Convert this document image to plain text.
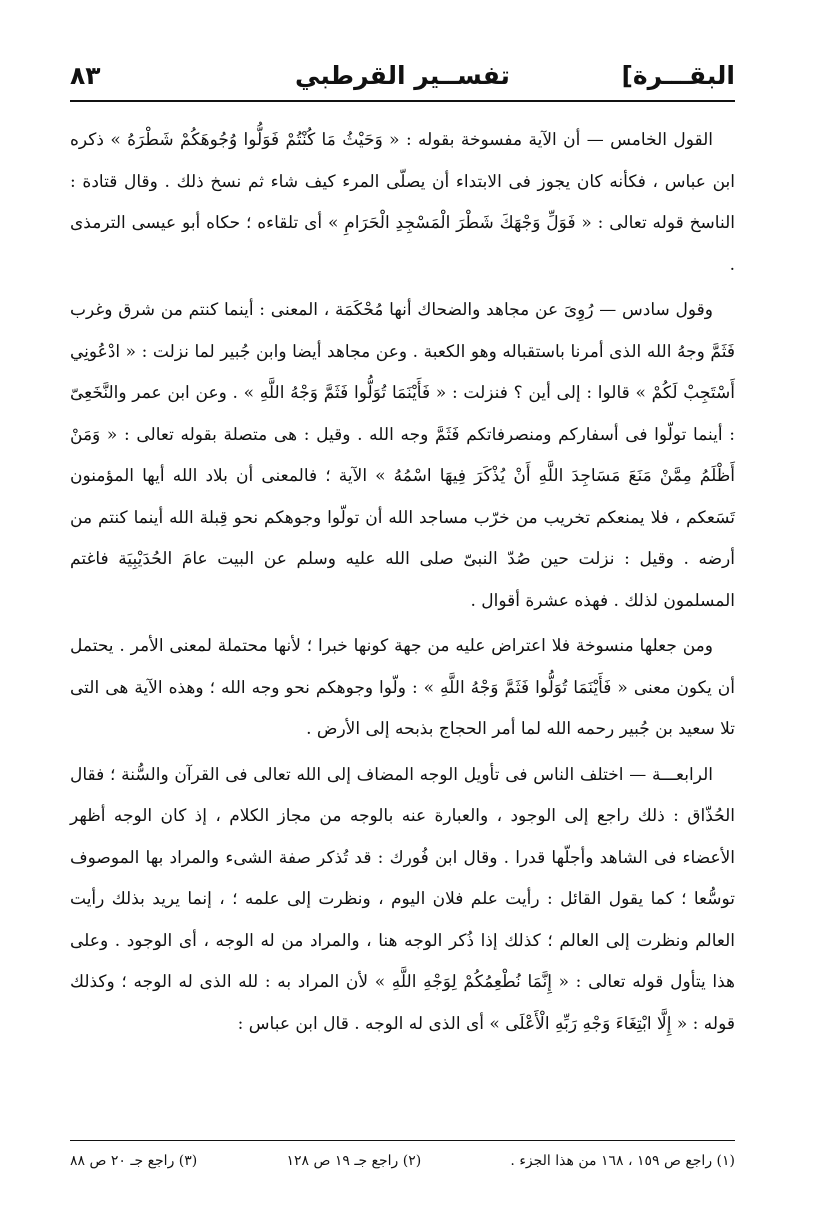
البقـــرة]
تفســير القرطبي
٨٣

القول الخامس — أن الآية مفسوخة بقوله : « وَحَيْثُ مَا كُنْتُمْ فَوَلُّوا وُجُوهَكُمْ شَطْرَهُ » ذكره ابن عباس ، فكأنه كان يجوز فى الابتداء أن يصلّى المرء كيف شاء ثم نسخ ذلك . وقال قتادة : الناسخ قوله تعالى : « فَوَلِّ وَجْهَكَ شَطْرَ الْمَسْجِدِ الْحَرَامِ » أى تلقاءه ؛ حكاه أبو عيسى الترمذى .

وقول سادس — رُوِىَ عن مجاهد والضحاك أنها مُحْكَمَة ، المعنى : أينما كنتم من شرق وغرب فَثَمَّ وجهُ الله الذى أمرنا باستقباله وهو الكعبة . وعن مجاهد أيضا وابن جُبير لما نزلت : « ادْعُونِي أَسْتَجِبْ لَكُمْ » قالوا : إلى أين ؟ فنزلت : « فَأَيْنَمَا تُوَلُّوا فَثَمَّ وَجْهُ اللَّهِ » . وعن ابن عمر والنَّخَعِىّ : أينما تولّوا فى أسفاركم ومنصرفاتكم فَثَمَّ وجه الله . وقيل : هى متصلة بقوله تعالى : « وَمَنْ أَظْلَمُ مِمَّنْ مَنَعَ مَسَاجِدَ اللَّهِ أَنْ يُذْكَرَ فِيهَا اسْمُهُ » الآية ؛ فالمعنى أن بلاد الله أيها المؤمنون تَسَعكم ، فلا يمنعكم تخريب من خرّب مساجد الله أن تولّوا وجوهكم نحو قِبلة الله أينما كنتم من أرضه . وقيل : نزلت حين صُدّ النبىّ صلى الله عليه وسلم عن البيت عامَ الحُدَيْبِيَة فاغتم المسلمون لذلك . فهذه عشرة أقوال .

ومن جعلها منسوخة فلا اعتراض عليه من جهة كونها خبرا ؛ لأنها محتملة لمعنى الأمر . يحتمل أن يكون معنى « فَأَيْنَمَا تُوَلُّوا فَثَمَّ وَجْهُ اللَّهِ » : ولّوا وجوهكم نحو وجه الله ؛ وهذه الآية هى التى تلا سعيد بن جُبير رحمه الله لما أمر الحجاج بذبحه إلى الأرض .

الرابعـــة — اختلف الناس فى تأويل الوجه المضاف إلى الله تعالى فى القرآن والسُّنة ؛ فقال الحُذّاق : ذلك راجع إلى الوجود ، والعبارة عنه بالوجه من مجاز الكلام ، إذ كان الوجه أظهر الأعضاء فى الشاهد وأجلّها قدرا . وقال ابن فُورك : قد تُذكر صفة الشىء والمراد بها الموصوف توسُّعا ؛ كما يقول القائل : رأيت علم فلان اليوم ، ونظرت إلى علمه ؛ ، إنما يريد بذلك رأيت العالم ونظرت إلى العالم ؛ كذلك إذا ذُكر الوجه هنا ، والمراد من له الوجه ، أى الوجود . وعلى هذا يتأول قوله تعالى : « إِنَّمَا نُطْعِمُكُمْ لِوَجْهِ اللَّهِ » لأن المراد به : لله الذى له الوجه ؛ وكذلك قوله : « إِلَّا ابْتِغَاءَ وَجْهِ رَبِّهِ الْأَعْلَى » أى الذى له الوجه . قال ابن عباس :

(١) راجع ص ١٥٩ ، ١٦٨ من هذا الجزء .
(٢) راجع جـ ١٩ ص ١٢٨
(٣) راجع جـ ٢٠ ص ٨٨
